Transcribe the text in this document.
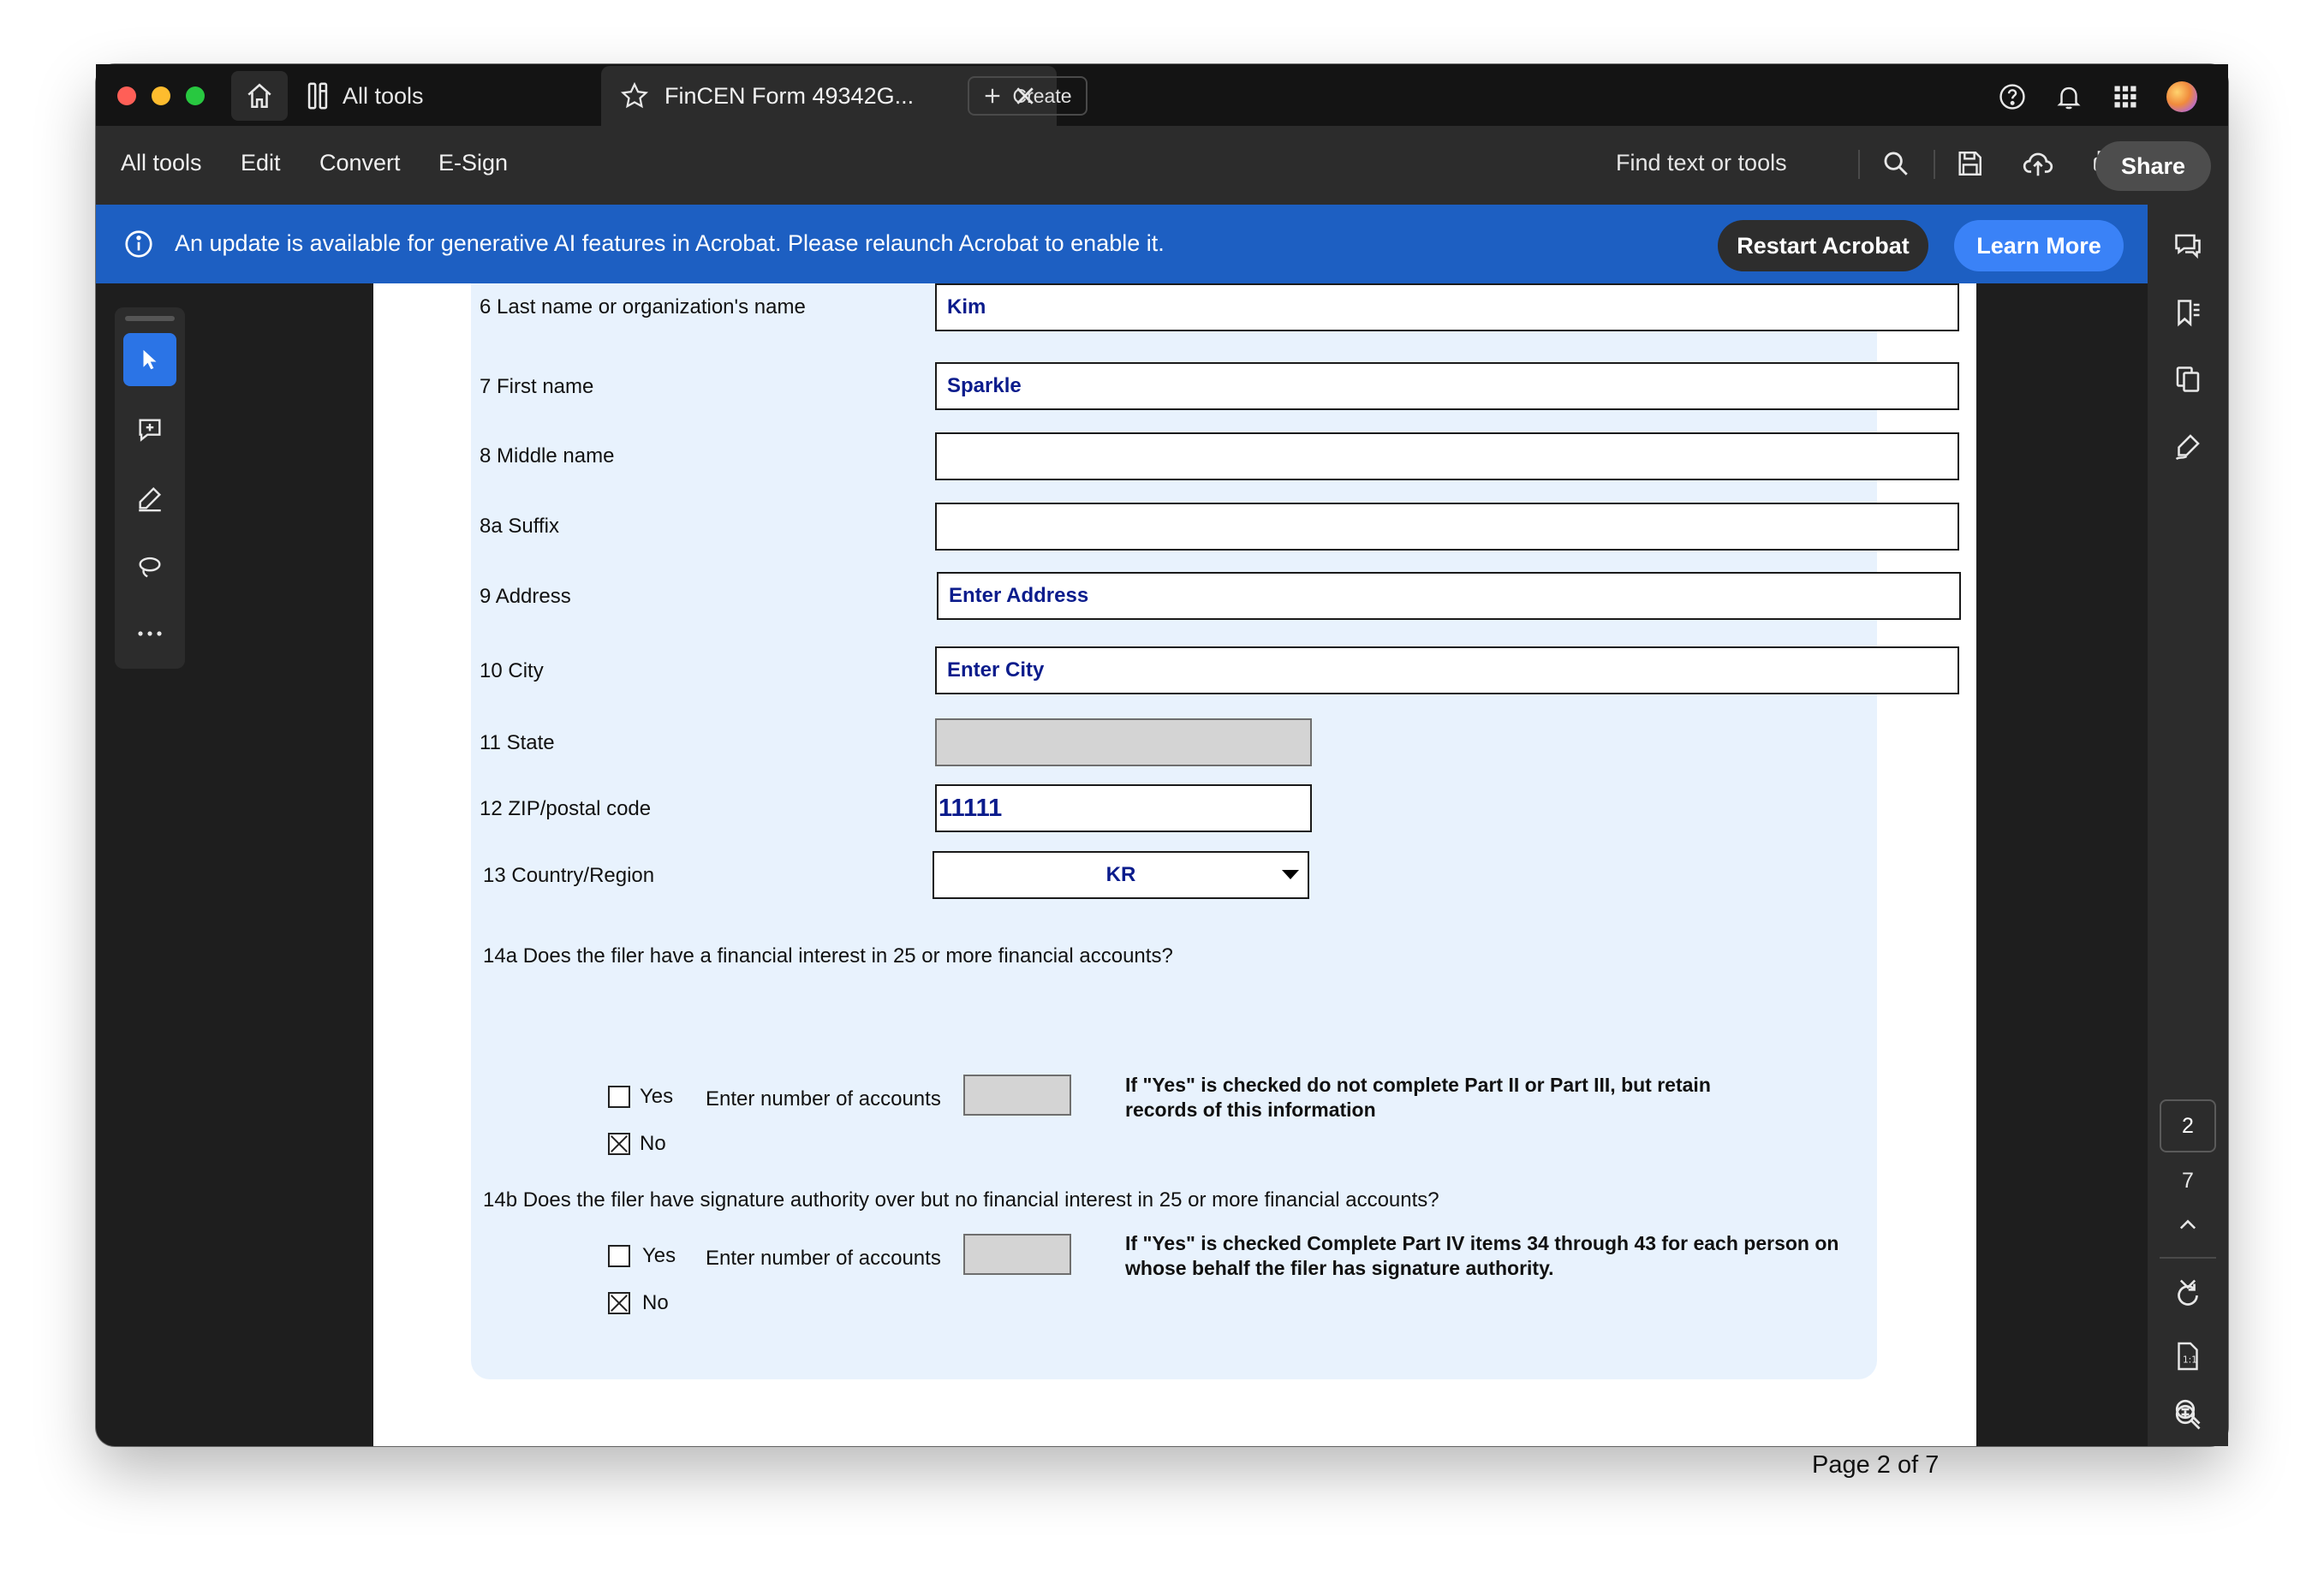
All tools	FinCEN Form 49342G...	Create
All tools Edit Convert E-Sign	Find text or tools	Share
An update is available for generative AI features in Acrobat. Please relaunch Acrobat to enable it.	Restart Acrobat	Learn More
2
7
1:1
6 Last name or organization's name	Kim
7 First name	Sparkle
8 Middle name
8a Suffix
9 Address	Enter Address
10 City	Enter City
11 State
12 ZIP/postal code	11111
13 Country/Region	KR
14a Does the filer have a financial interest in 25 or more financial accounts?
Yes Enter number of accounts
If "Yes" is checked do not complete Part II or Part III, but retain
records of this information
No
14b Does the filer have signature authority over but no financial interest in 25 or more financial accounts?
Yes Enter number of accounts
If "Yes" is checked Complete Part IV items 34 through 43 for each person on
whose behalf the filer has signature authority.
No
Page 2 of 7
